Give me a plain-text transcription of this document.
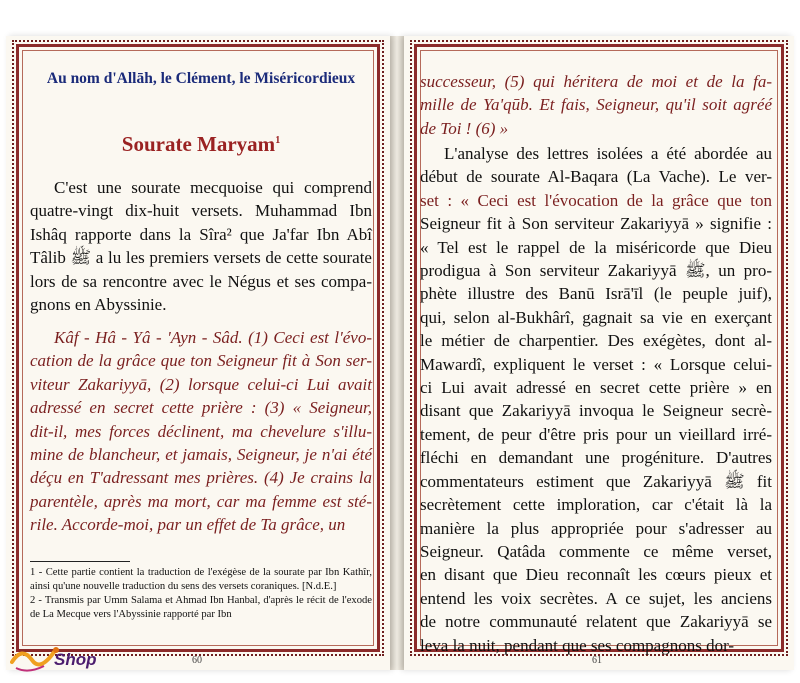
Au nom d'Allāh, le Clément, le Miséricordieux
Sourate Maryam$^1$
C'est une sourate mecquoise qui comprend
quatre-vingt dix-huit versets. Muhammad Ibn
Ishâq rapporte dans la Sîra² que Ja'far Ibn Abî
Tâlib ﷺ a lu les premiers versets de cette sourate
lors de sa rencontre avec le Négus et ses compa-
gnons en Abyssinie.
Kâf - Hâ - Yâ - 'Ayn - Sâd. (1) Ceci est l'évo-
cation de la grâce que ton Seigneur fit à Son ser-
viteur Zakariyyā, (2) lorsque celui-ci Lui avait
adressé en secret cette prière : (3) « Seigneur,
dit-il, mes forces déclinent, ma chevelure s'illu-
mine de blancheur, et jamais, Seigneur, je n'ai été
déçu en T'adressant mes prières. (4) Je crains la
parentèle, après ma mort, car ma femme est sté-
rile. Accorde-moi, par un effet de Ta grâce, un

1 - Cette partie contient la traduction de l'exégèse de la sourate par Ibn Kathîr, ainsi qu'une nouvelle traduction du sens des versets coraniques. [N.d.E.]

2 - Transmis par Umm Salama et Ahmad Ibn Hanbal, d'après le récit de l'exode de La Mecque vers l'Abyssinie rapporté par Ibn

60
Shop
successeur, (5) qui héritera de moi et de la fa-
mille de Ya'qūb. Et fais, Seigneur, qu'il soit agréé
de Toi ! (6) »
L'analyse des lettres isolées a été abordée au
début de sourate Al-Baqara (La Vache). Le ver-
set : « Ceci est l'évocation de la grâce que ton
Seigneur fit à Son serviteur Zakariyyā » signifie :
« Tel est le rappel de la miséricorde que Dieu
prodigua à Son serviteur Zakariyyā ﷺ, un pro-
phète illustre des Banū Isrā'īl (le peuple juif),
qui, selon al-Bukhârî, gagnait sa vie en exerçant
le métier de charpentier. Des exégètes, dont al-
Mawardî, expliquent le verset : « Lorsque celui-
ci Lui avait adressé en secret cette prière » en
disant que Zakariyyā invoqua le Seigneur secrè-
tement, de peur d'être pris pour un vieillard irré-
fléchi en demandant une progéniture. D'autres
commentateurs estiment que Zakariyyā ﷺ fit
secrètement cette imploration, car c'était là la
manière la plus appropriée pour s'adresser au
Seigneur. Qatâda commente ce même verset,
en disant que Dieu reconnaît les cœurs pieux et
entend les voix secrètes. A ce sujet, les anciens
de notre communauté relatent que Zakariyyā se
leva la nuit, pendant que ses compagnons dor-
61
